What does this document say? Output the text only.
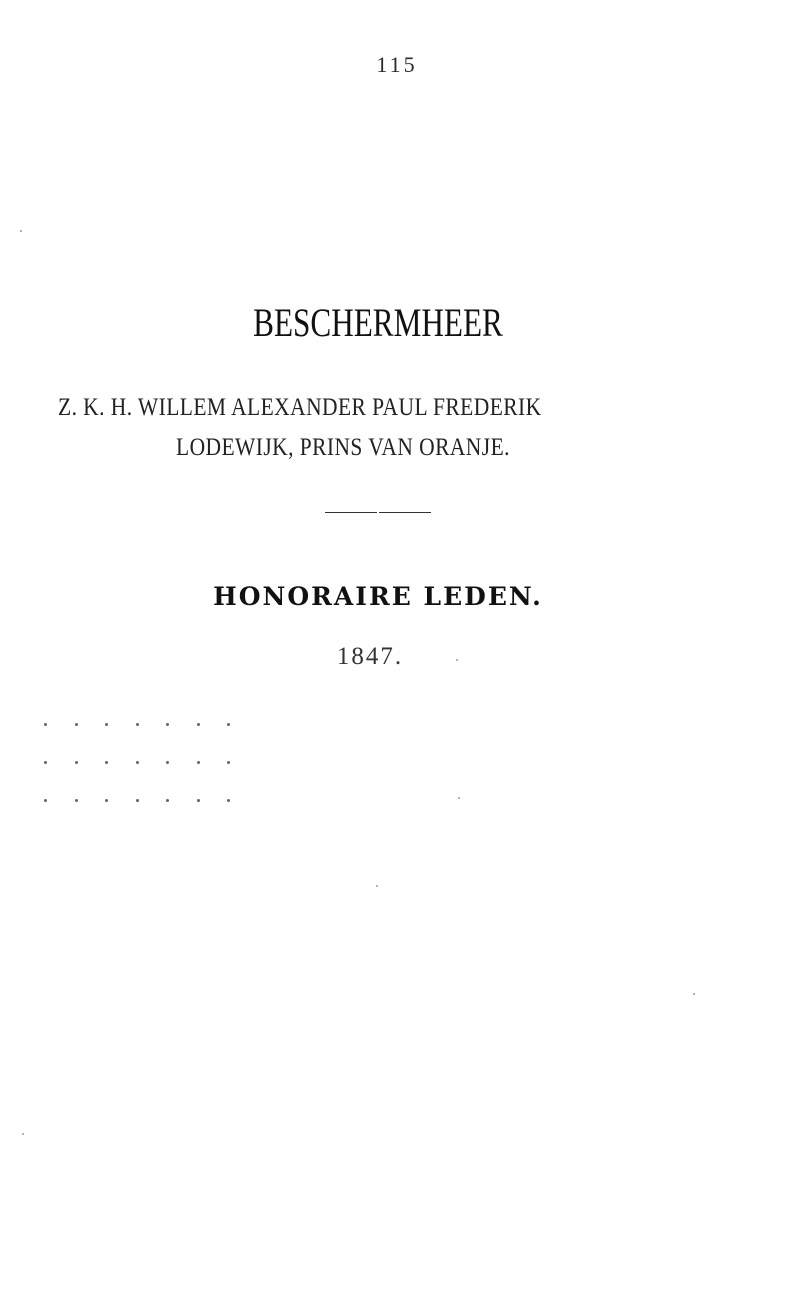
115
BESCHERMHEER
Z. K. H. WILLEM ALEXANDER PAUL FREDERIK
LODEWIJK, PRINS VAN ORANJE.
HONORAIRE LEDEN.
1847.
